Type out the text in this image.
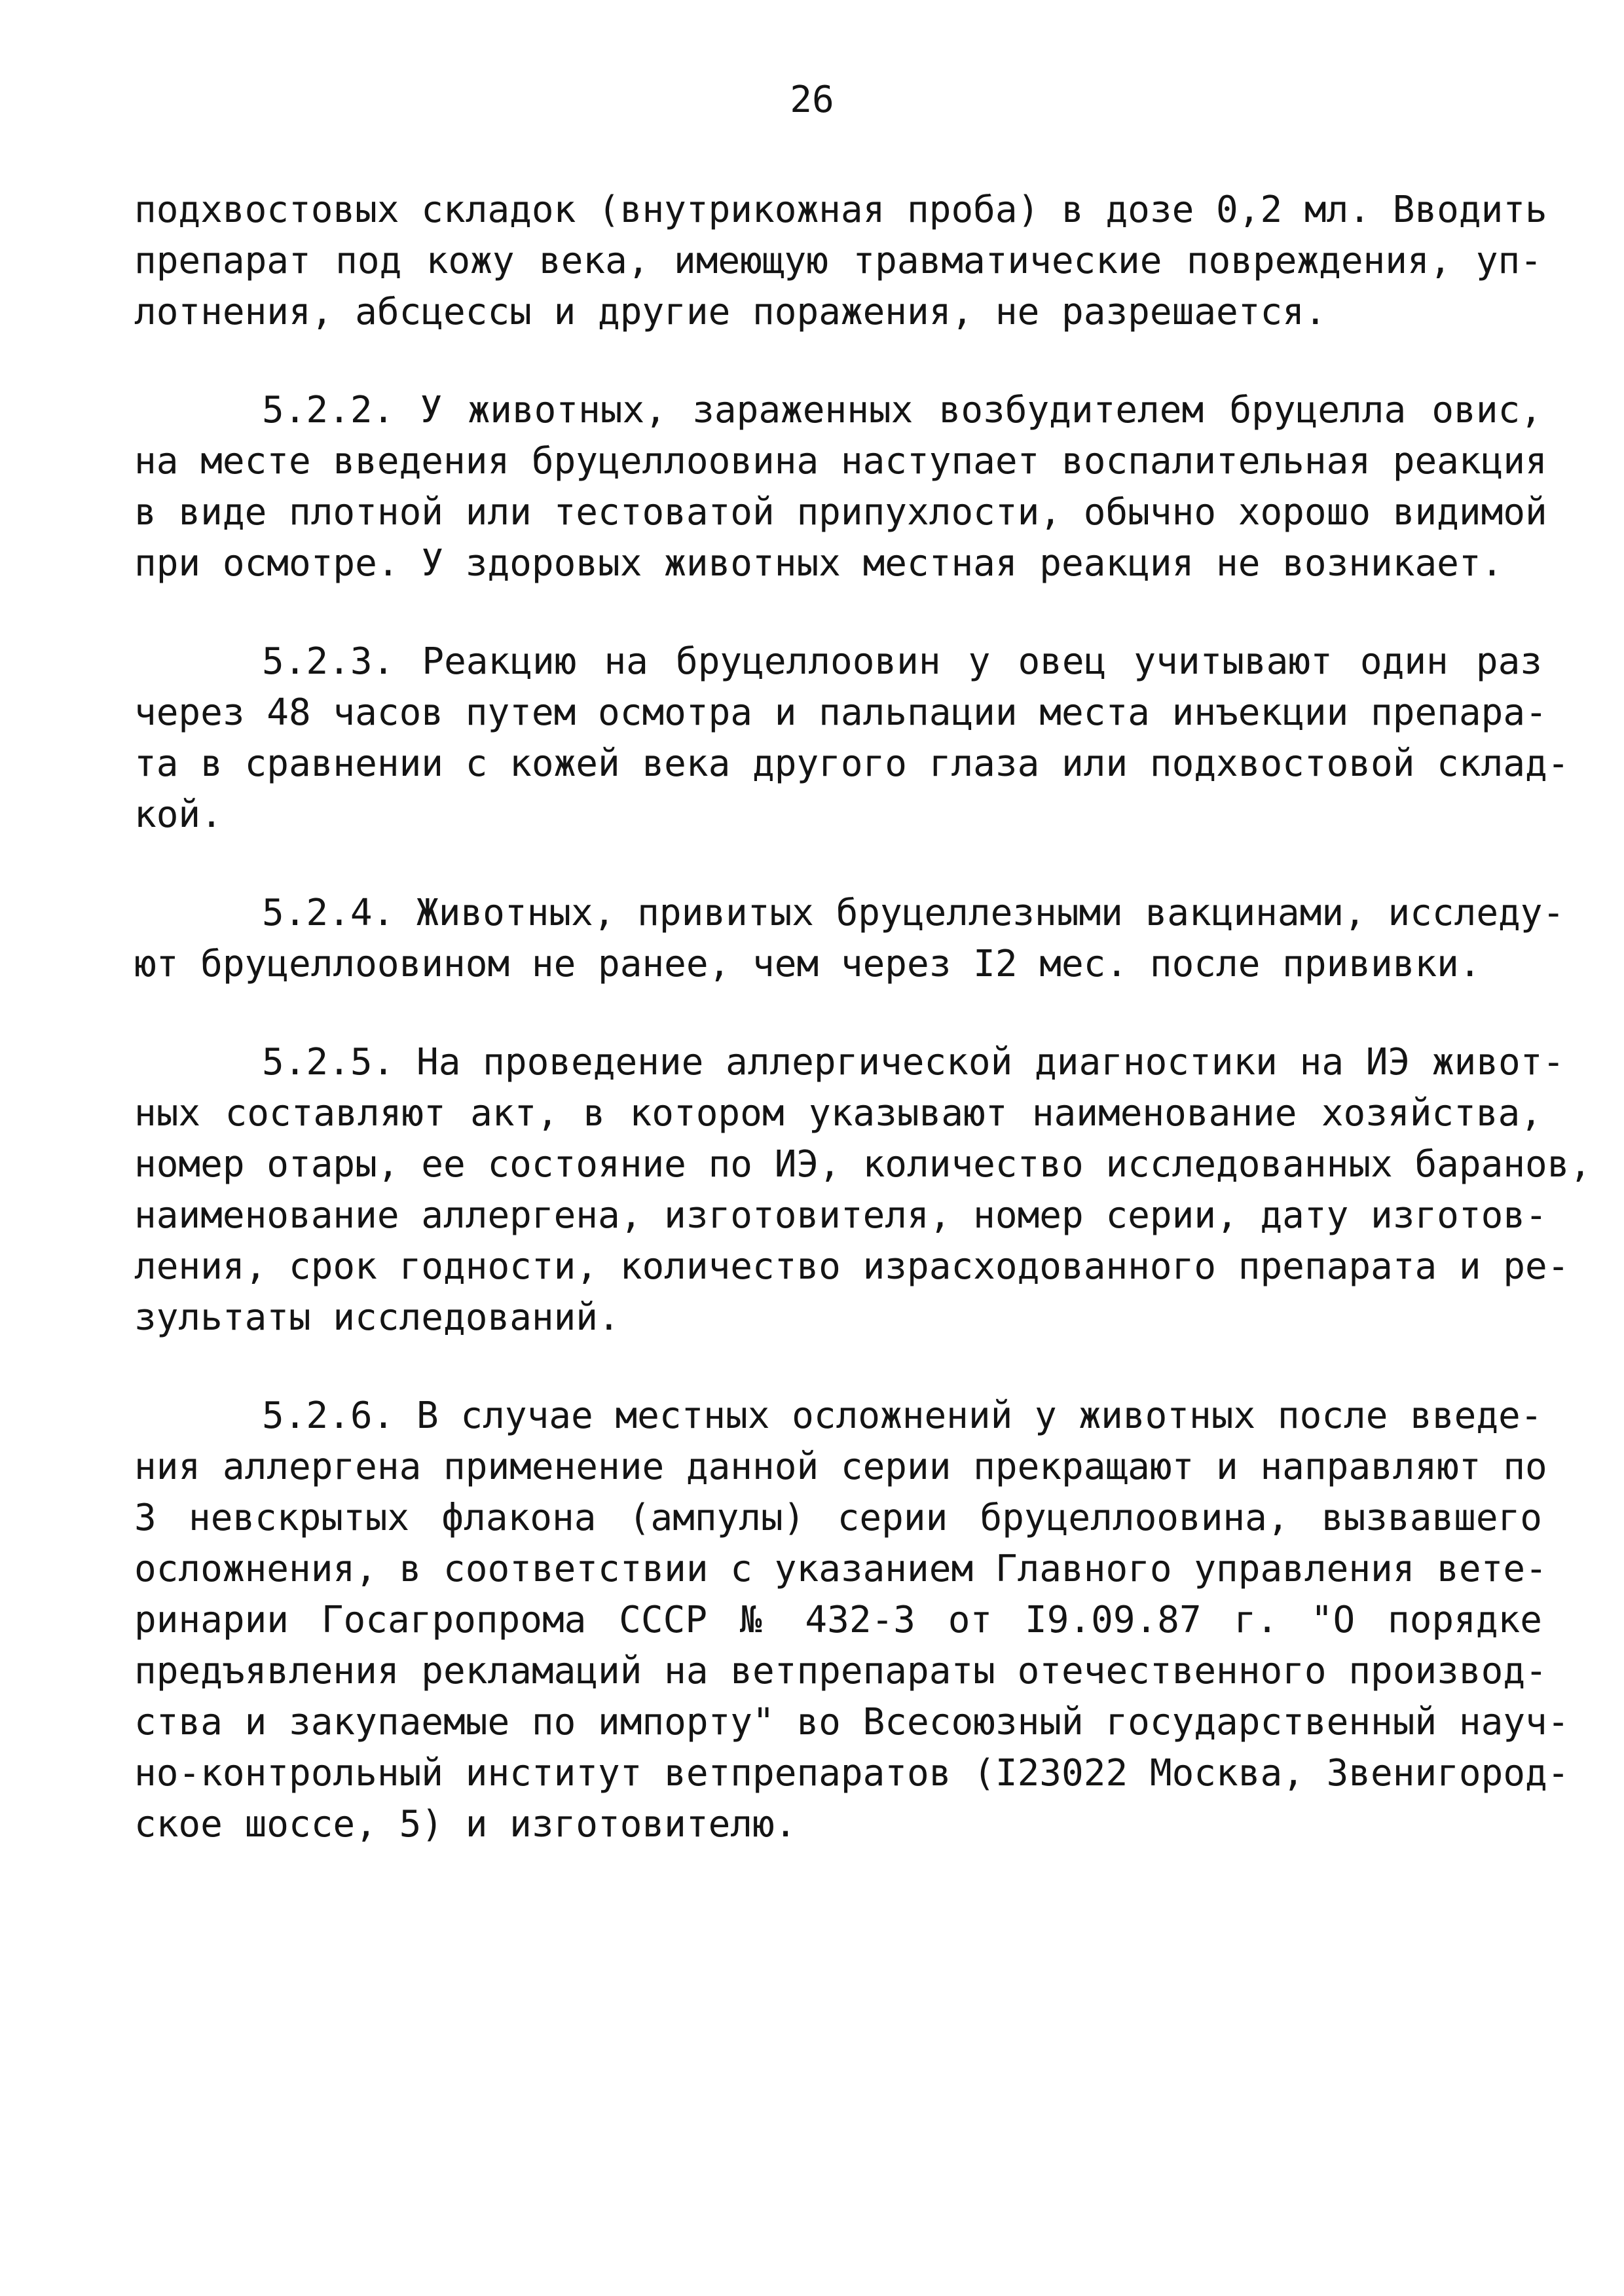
26

подхвостовых складок (внутрикожная проба) в дозе 0,2 мл. Вводить
препарат под кожу века, имеющую травматические повреждения, уп-
лотнения, абсцессы и другие поражения, не разрешается.

5.2.2. У животных, зараженных возбудителем бруцелла овис,
на месте введения бруцеллоовина наступает воспалительная реакция
в виде плотной или тестоватой припухлости, обычно хорошо видимой
при осмотре. У здоровых животных местная реакция не возникает.

5.2.3. Реакцию на бруцеллоовин у овец учитывают один раз
через 48 часов путем осмотра и пальпации места инъекции препара-
та в сравнении с кожей века другого глаза или подхвостовой склад-
кой.

5.2.4. Животных, привитых бруцеллезными вакцинами, исследу-
ют бруцеллоовином не ранее, чем через I2 мес. после прививки.

5.2.5. На проведение аллергической диагностики на ИЭ живот-
ных составляют акт, в котором указывают наименование хозяйства,
номер отары, ее состояние по ИЭ, количество исследованных баранов,
наименование аллергена, изготовителя, номер серии, дату изготов-
ления, срок годности, количество израсходованного препарата и ре-
зультаты исследований.

5.2.6. В случае местных осложнений у животных после введе-
ния аллергена применение данной серии прекращают и направляют по
3 невскрытых флакона (ампулы) серии бруцеллоовина, вызвавшего
осложнения, в соответствии с указанием Главного управления вете-
ринарии Госагропрома СССР № 432-3 от I9.09.87 г. "О порядке
предъявления рекламаций на ветпрепараты отечественного производ-
ства и закупаемые по импорту" во Всесоюзный государственный науч-
но-контрольный институт ветпрепаратов (I23022 Москва, Звенигород-
ское шоссе, 5) и изготовителю.
